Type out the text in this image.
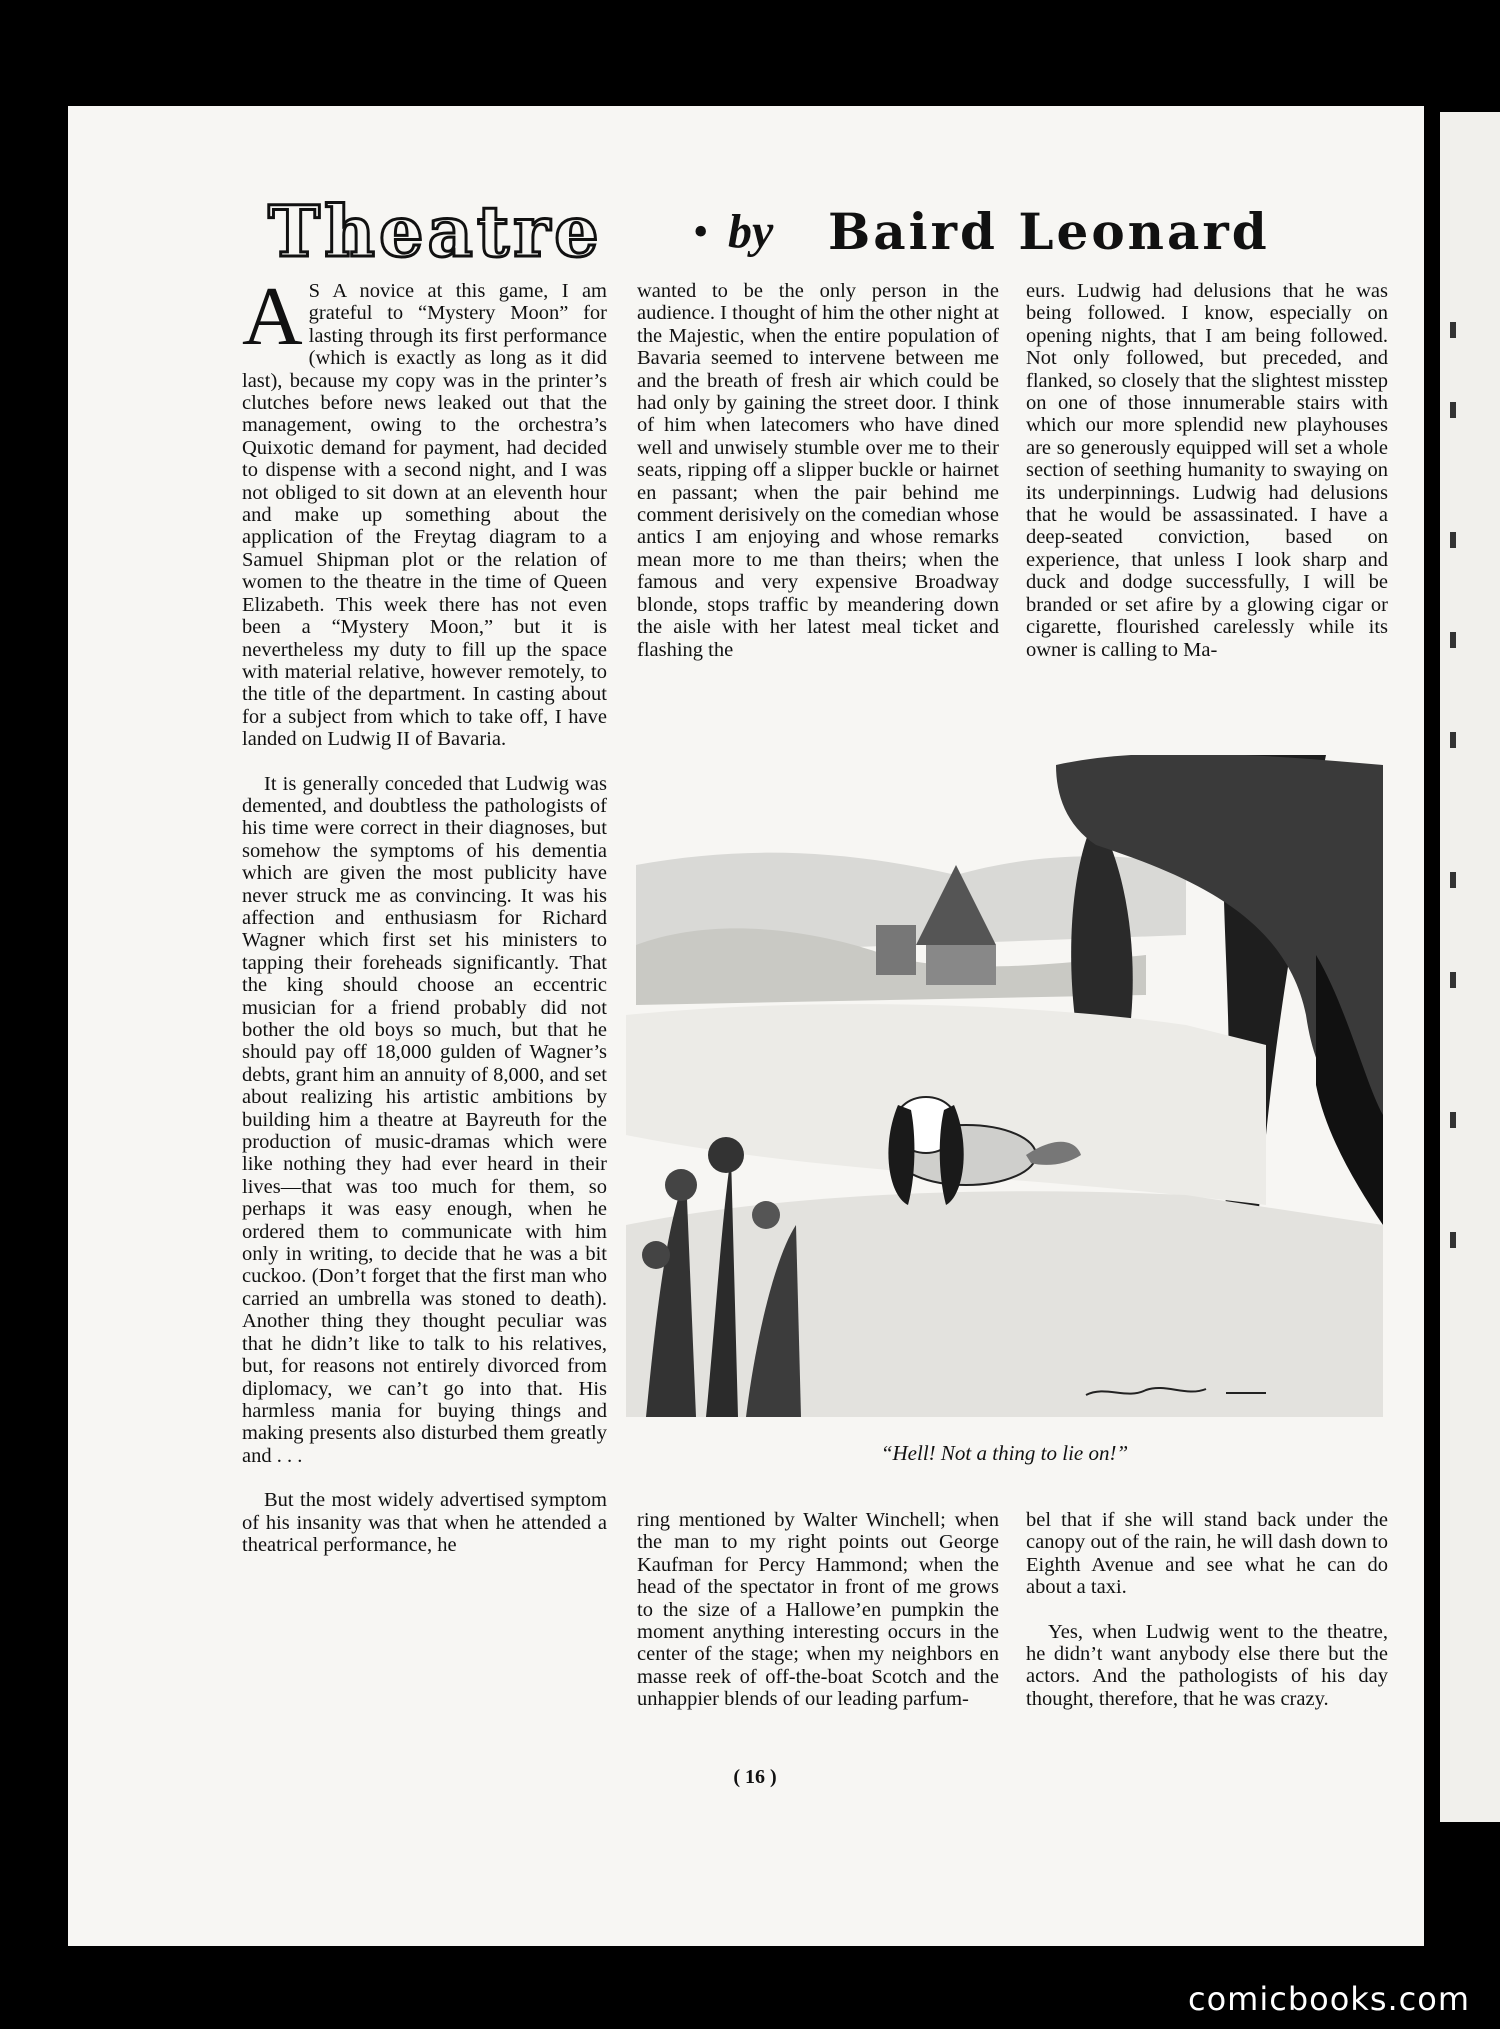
Theatre • by Baird Leonard

A S A novice at this game, I am grateful to “Mystery Moon” for lasting through its first performance (which is exactly as long as it did last), because my copy was in the printer’s clutches before news leaked out that the management, owing to the orchestra’s Quixotic demand for payment, had decided to dispense with a second night, and I was not obliged to sit down at an eleventh hour and make up something about the application of the Freytag diagram to a Samuel Shipman plot or the relation of women to the theatre in the time of Queen Elizabeth. This week there has not even been a “Mystery Moon,” but it is nevertheless my duty to fill up the space with material relative, however remotely, to the title of the department. In casting about for a subject from which to take off, I have landed on Ludwig II of Bavaria.

It is generally conceded that Ludwig was demented, and doubtless the pathologists of his time were correct in their diagnoses, but somehow the symptoms of his dementia which are given the most publicity have never struck me as convincing. It was his affection and enthusiasm for Richard Wagner which first set his ministers to tapping their foreheads significantly. That the king should choose an eccentric musician for a friend probably did not bother the old boys so much, but that he should pay off 18,000 gulden of Wagner’s debts, grant him an annuity of 8,000, and set about realizing his artistic ambitions by building him a theatre at Bayreuth for the production of music-dramas which were like nothing they had ever heard in their lives—that was too much for them, so perhaps it was easy enough, when he ordered them to communicate with him only in writing, to decide that he was a bit cuckoo. (Don’t forget that the first man who carried an umbrella was stoned to death). Another thing they thought peculiar was that he didn’t like to talk to his relatives, but, for reasons not entirely divorced from diplomacy, we can’t go into that. His harmless mania for buying things and making presents also disturbed them greatly and . . .

But the most widely advertised symptom of his insanity was that when he attended a theatrical performance, he

wanted to be the only person in the audience. I thought of him the other night at the Majestic, when the entire population of Bavaria seemed to intervene between me and the breath of fresh air which could be had only by gaining the street door. I think of him when latecomers who have dined well and unwisely stumble over me to their seats, ripping off a slipper buckle or hairnet en passant; when the pair behind me comment derisively on the comedian whose antics I am enjoying and whose remarks mean more to me than theirs; when the famous and very expensive Broadway blonde, stops traffic by meandering down the aisle with her latest meal ticket and flashing the

eurs. Ludwig had delusions that he was being followed. I know, especially on opening nights, that I am being followed. Not only followed, but preceded, and flanked, so closely that the slightest misstep on one of those innumerable stairs with which our more splendid new playhouses are so generously equipped will set a whole section of seething humanity to swaying on its underpinnings. Ludwig had delusions that he would be assassinated. I have a deep-seated conviction, based on experience, that unless I look sharp and duck and dodge successfully, I will be branded or set afire by a glowing cigar or cigarette, flourished carelessly while its owner is calling to Ma-

“Hell! Not a thing to lie on!”

ring mentioned by Walter Winchell; when the man to my right points out George Kaufman for Percy Hammond; when the head of the spectator in front of me grows to the size of a Hallowe’en pumpkin the moment anything interesting occurs in the center of the stage; when my neighbors en masse reek of off-the-boat Scotch and the unhappier blends of our leading parfum-

bel that if she will stand back under the canopy out of the rain, he will dash down to Eighth Avenue and see what he can do about a taxi.

Yes, when Ludwig went to the theatre, he didn’t want anybody else there but the actors. And the pathologists of his day thought, therefore, that he was crazy.

( 16 )
comicbooks.com
